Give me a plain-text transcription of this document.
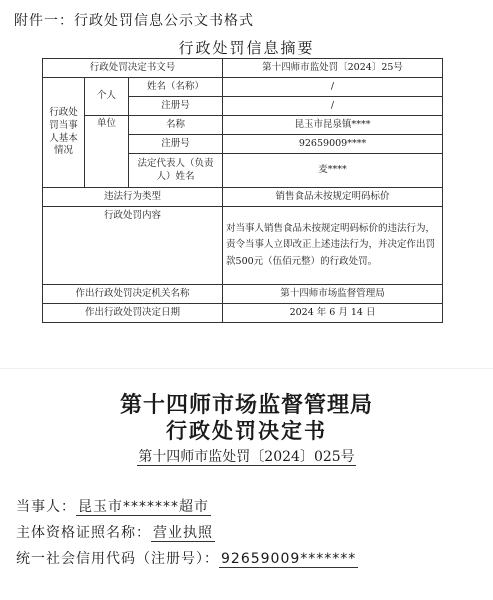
附件一：行政处罚信息公示文书格式
行政处罚信息摘要
行政处罚决定书文号			第十四师市监处罚〔2024〕25号
行政处罚当事人基本情况	个人	姓名（名称）	/
		注册号	/
	单位	名称	昆玉市昆泉镇****
		注册号	92659009****
		法定代表人（负责人）姓名	麦****
违法行为类型			销售食品未按规定明码标价
行政处罚内容			对当事人销售食品未按规定明码标价的违法行为，责令当事人立即改正上述违法行为，并决定作出罚款500元（伍佰元整）的行政处罚。
作出行政处罚决定机关名称			第十四师市场监督管理局
作出行政处罚决定日期			2024 年 6 月 14 日
第十四师市场监督管理局
行政处罚决定书
第十四师市监处罚〔2024〕025号
当事人： 昆玉市*******超市
主体资格证照名称： 营业执照
统一社会信用代码（注册号）： 92659009*******
